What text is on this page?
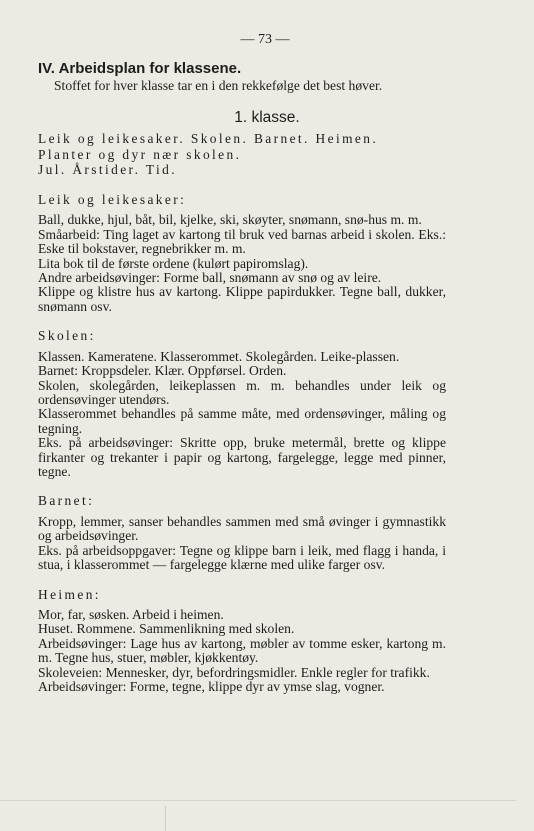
— 73 —
IV. Arbeidsplan for klassene.

Stoffet for hver klasse tar en i den rekkefølge det best høver.

1. klasse.
Leik og leikesaker. Skolen. Barnet. Heimen.
Planter og dyr nær skolen.
Jul. Årstider. Tid.
Leik og leikesaker:

Ball, dukke, hjul, båt, bil, kjelke, ski, skøyter, snømann, snø-hus m. m.

Småarbeid: Ting laget av kartong til bruk ved barnas arbeid i skolen. Eks.: Eske til bokstaver, regnebrikker m. m.

Lita bok til de første ordene (kulørt papiromslag).

Andre arbeidsøvinger: Forme ball, snømann av snø og av leire.

Klippe og klistre hus av kartong. Klippe papirdukker. Tegne ball, dukker, snømann osv.

Skolen:

Klassen. Kameratene. Klasserommet. Skolegården. Leike-plassen.

Barnet: Kroppsdeler. Klær. Oppførsel. Orden.

Skolen, skolegården, leikeplassen m. m. behandles under leik og ordensøvinger utendørs.

Klasserommet behandles på samme måte, med ordensøvinger, måling og tegning.

Eks. på arbeidsøvinger: Skritte opp, bruke metermål, brette og klippe firkanter og trekanter i papir og kartong, fargelegge, legge med pinner, tegne.

Barnet:

Kropp, lemmer, sanser behandles sammen med små øvinger i gymnastikk og arbeidsøvinger.

Eks. på arbeidsoppgaver: Tegne og klippe barn i leik, med flagg i handa, i stua, i klasserommet — fargelegge klærne med ulike farger osv.

Heimen:

Mor, far, søsken. Arbeid i heimen.

Huset. Rommene. Sammenlikning med skolen.

Arbeidsøvinger: Lage hus av kartong, møbler av tomme esker, kartong m. m. Tegne hus, stuer, møbler, kjøkkentøy.

Skoleveien: Mennesker, dyr, befordringsmidler. Enkle regler for trafikk.

Arbeidsøvinger: Forme, tegne, klippe dyr av ymse slag, vogner.
